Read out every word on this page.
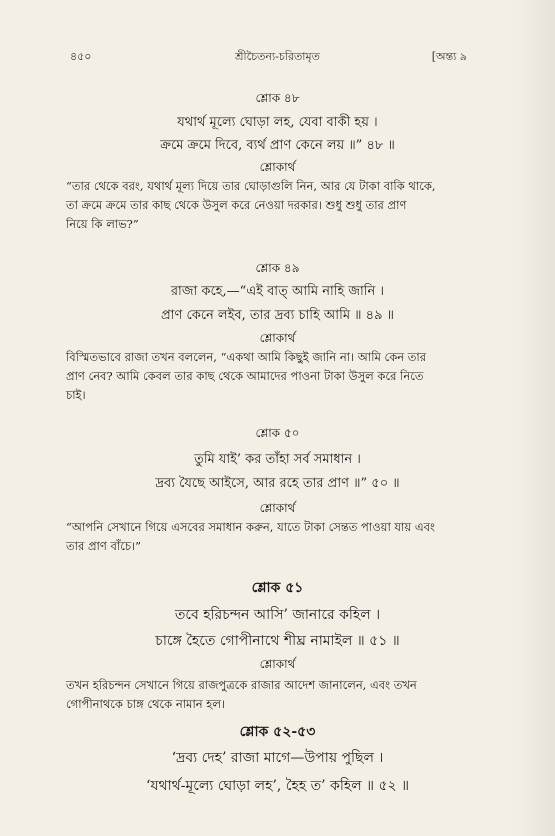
৪৫০	শ্রীচৈতন্য-চরিতামৃত	[অন্ত্য ৯
শ্লোক ৪৮
যথার্থ মূল্যে ঘোড়া লহ, যেবা বাকী হয় ।
ক্রমে ক্রমে দিবে, ব্যর্থ প্রাণ কেনে লয় ॥” ৪৮ ॥
শ্লোকার্থ
“তার থেকে বরং, যথার্থ মূল্য দিয়ে তার ঘোড়াগুলি নিন, আর যে টাকা বাকি থাকে,
তা ক্রমে ক্রমে তার কাছ থেকে উসুল করে নেওয়া দরকার। শুধু শুধু তার প্রাণ
নিয়ে কি লাভ?”
শ্লোক ৪৯
রাজা কহে,—“এই বাত্ আমি নাহি জানি ।
প্রাণ কেনে লইব, তার দ্রব্য চাহি আমি ॥ ৪৯ ॥
শ্লোকার্থ
বিস্মিতভাবে রাজা তখন বললেন, “একথা আমি কিছুই জানি না। আমি কেন তার
প্রাণ নেব? আমি কেবল তার কাছ থেকে আমাদের পাওনা টাকা উসুল করে নিতে
চাই।
শ্লোক ৫০
তুমি যাই’ কর তাঁহা সর্ব সমাধান ।
দ্রব্য যৈছে আইসে, আর রহে তার প্রাণ ॥” ৫০ ॥
শ্লোকার্থ
“আপনি সেখানে গিয়ে এসবের সমাধান করুন, যাতে টাকা সেন্তত পাওয়া যায় এবং
তার প্রাণ বাঁচে।”
শ্লোক ৫১
তবে হরিচন্দন আসি’ জানারে কহিল ।
চাঙ্গে হৈতে গোপীনাথে শীঘ্র নামাইল ॥ ৫১ ॥
শ্লোকার্থ
তখন হরিচন্দন সেখানে গিয়ে রাজপুত্রকে রাজার আদেশ জানালেন, এবং তখন
গোপীনাথকে চাঙ্গ থেকে নামান হল।
শ্লোক ৫২-৫৩
‘দ্রব্য দেহ’ রাজা মাগে—উপায় পুছিল ।
‘যথার্থ-মূল্যে ঘোড়া লহ’, হৈহ ত’ কহিল ॥ ৫২ ॥
